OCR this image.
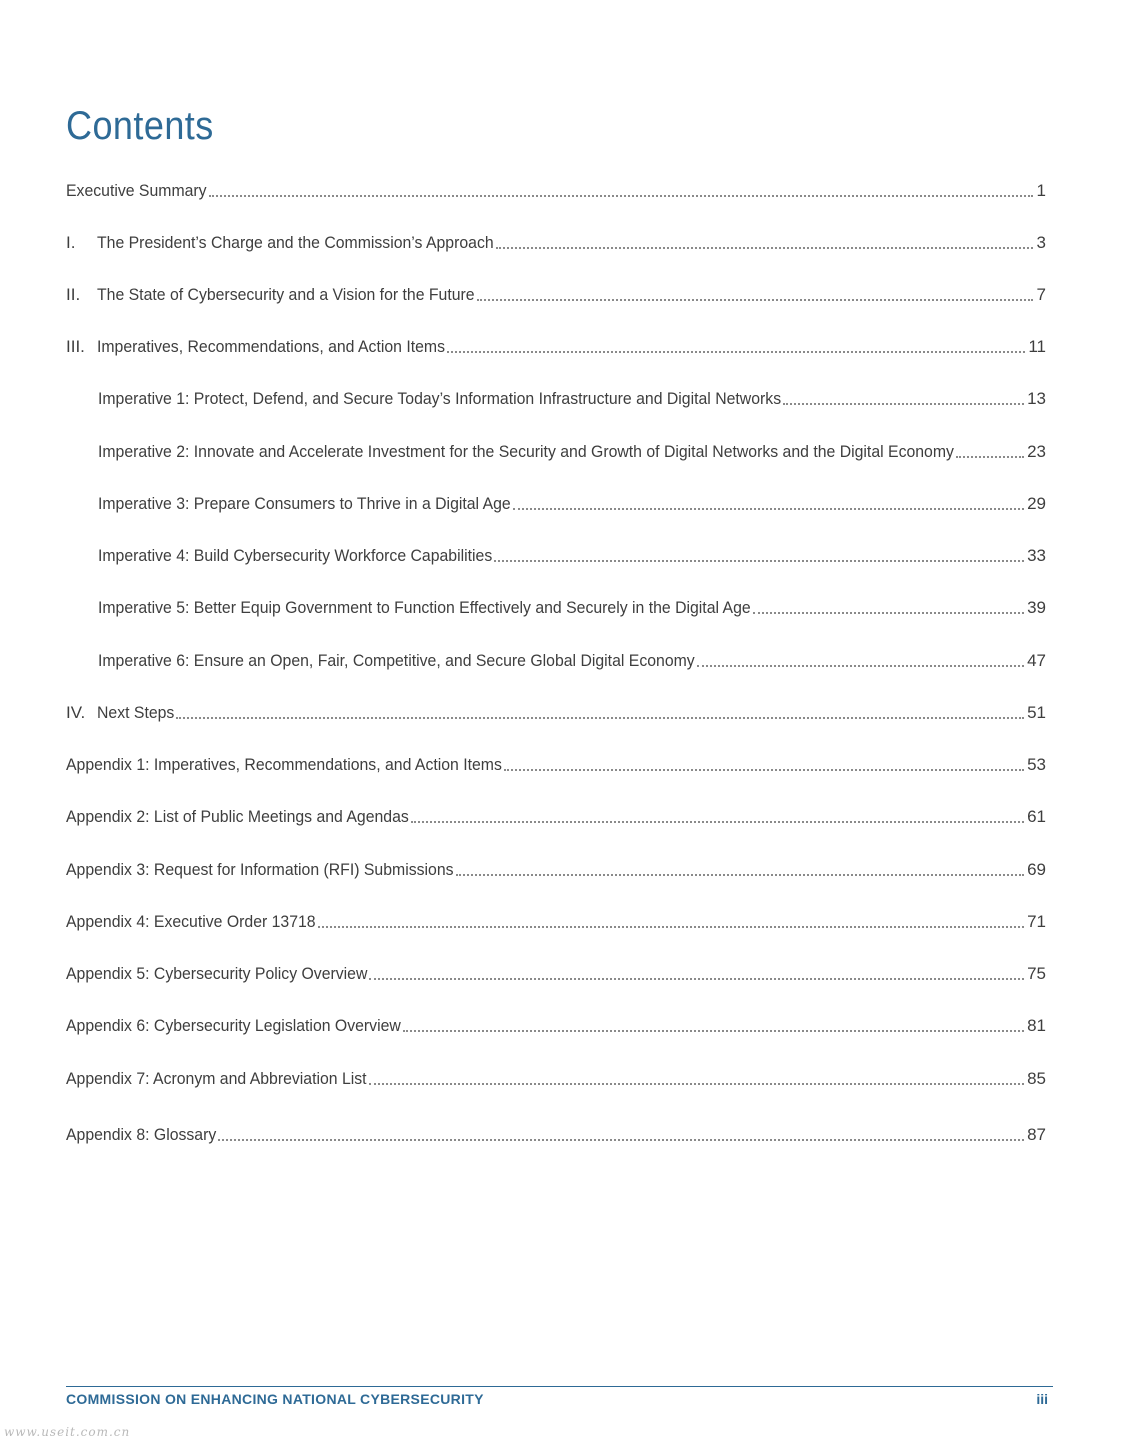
Contents
Executive Summary	1
I.	The President’s Charge and the Commission’s Approach	3
II. The State of Cybersecurity and a Vision for the Future	7
III. Imperatives, Recommendations, and Action Items	11
Imperative 1: Protect, Defend, and Secure Today’s Information Infrastructure and Digital Networks	13
Imperative 2: Innovate and Accelerate Investment for the Security and Growth of Digital Networks and the Digital Economy	23
Imperative 3: Prepare Consumers to Thrive in a Digital Age	29
Imperative 4: Build Cybersecurity Workforce Capabilities	33
Imperative 5: Better Equip Government to Function Effectively and Securely in the Digital Age	39
Imperative 6: Ensure an Open, Fair, Competitive, and Secure Global Digital Economy	47
IV. Next Steps	51
Appendix 1: Imperatives, Recommendations, and Action Items	53
Appendix 2: List of Public Meetings and Agendas	61
Appendix 3: Request for Information (RFI) Submissions	69
Appendix 4: Executive Order 13718	71
Appendix 5: Cybersecurity Policy Overview	75
Appendix 6: Cybersecurity Legislation Overview	81
Appendix 7: Acronym and Abbreviation List	85
Appendix 8: Glossary	87
COMMISSION ON ENHANCING NATIONAL CYBERSECURITY	iii
www.useit.com.cn
